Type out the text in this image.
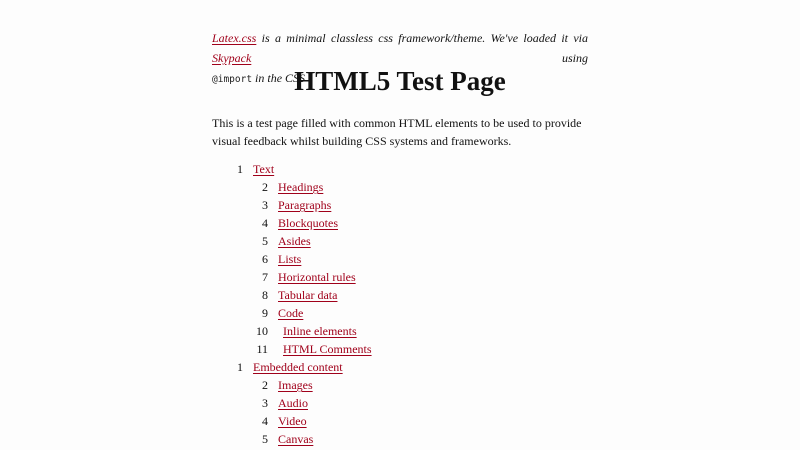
Latex.css is a minimal classless css framework/theme. We've loaded it via Skypack using

@import in the CSS

HTML5 Test Page

This is a test page filled with common HTML elements to be used to provide visual feedback whilst building CSS systems and frameworks.

1 Text
2 Headings
3 Paragraphs
4 Blockquotes
5 Asides
6 Lists
7 Horizontal rules
8 Tabular data
9 Code
10 Inline elements
11 HTML Comments
1 Embedded content
2 Images
3 Audio
4 Video
5 Canvas
